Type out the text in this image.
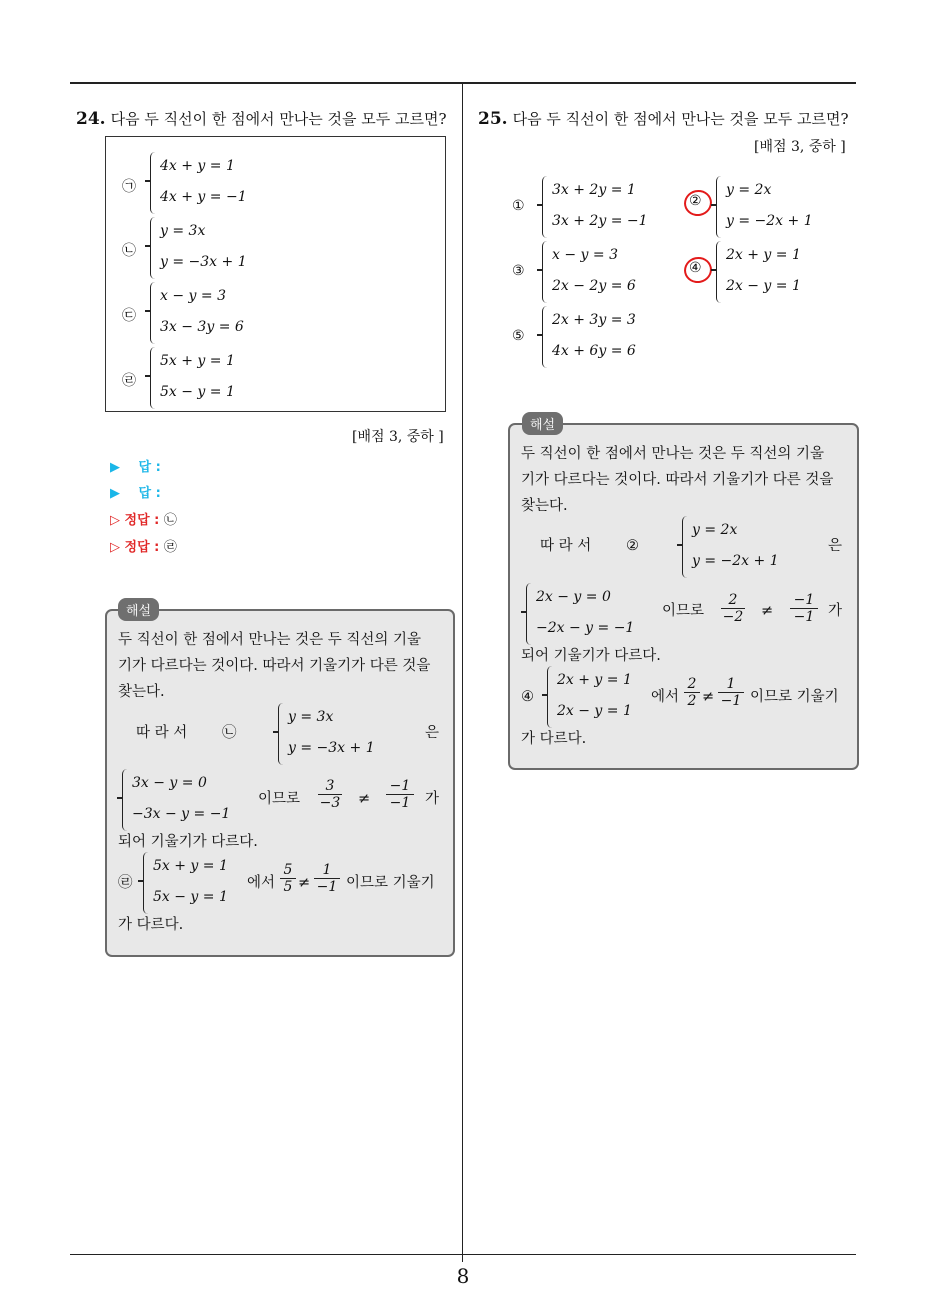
8
24. 다음 두 직선이 한 점에서 만나는 것을 모두 고르면?
㉠
4x + y = 1
4x + y = −1
㉡
y = 3x
y = −3x + 1
㉢
x − y = 3
3x − 3y = 6
㉣
5x + y = 1
5x − y = 1
[배점 3, 중하 ]
▶ 답 :
▶ 답 :
▷ 정답 : ㉡
▷ 정답 : ㉣
해설
두 직선이 한 점에서 만나는 것은 두 직선의 기울
기가 다르다는 것이다. 따라서 기울기가 다른 것을
찾는다.
따 라 서 ㉡
y = 3x
y = −3x + 1
은
3x − y = 0
−3x − y = −1
이므로 $\frac{3}{-3} \ne \frac{-1}{-1}$ 가
되어 기울기가 다르다.
㉣
5x + y = 1
5x − y = 1
에서 $\frac{5}{5} \ne \frac{1}{-1}$ 이므로 기울기
가 다르다.
25. 다음 두 직선이 한 점에서 만나는 것을 모두 고르면?
[배점 3, 중하 ]
①
3x + 2y = 1
3x + 2y = −1
②
y = 2x
y = −2x + 1
③
x − y = 3
2x − 2y = 6
④
2x + y = 1
2x − y = 1
⑤
2x + 3y = 3
4x + 6y = 6
해설
두 직선이 한 점에서 만나는 것은 두 직선의 기울
기가 다르다는 것이다. 따라서 기울기가 다른 것을
찾는다.
따 라 서 ②
y = 2x
y = −2x + 1
은
2x − y = 0
−2x − y = −1
이므로 $\frac{2}{-2} \ne \frac{-1}{-1}$ 가
되어 기울기가 다르다.
④
2x + y = 1
2x − y = 1
에서 $\frac{2}{2} \ne \frac{1}{-1}$ 이므로 기울기
가 다르다.
